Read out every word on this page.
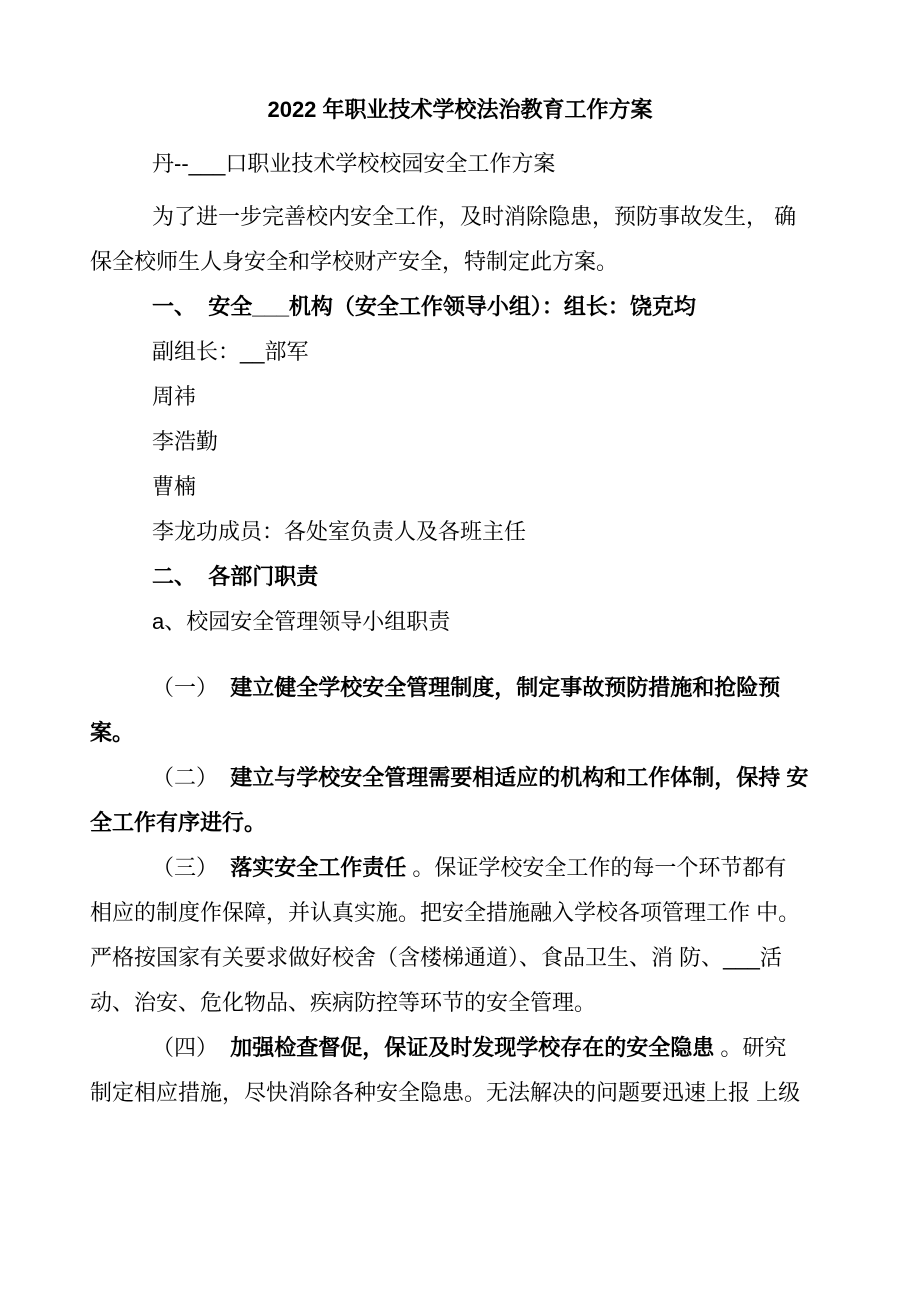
2022 年职业技术学校法治教育工作方案
丹--___口职业技术学校校园安全工作方案
为了进一步完善校内安全工作，及时消除隐患，预防事故发生， 确
保全校师生人身安全和学校财产安全，特制定此方案。
一、  安全___机构（安全工作领导小组）：组长：饶克均
副组长：__部军
周祎
李浩勤
曹楠
李龙功成员：各处室负责人及各班主任
二、  各部门职责
a、校园安全管理领导小组职责
（一）  建立健全学校安全管理制度，制定事故预防措施和抢险预
案。
（二）  建立与学校安全管理需要相适应的机构和工作体制，保持 安
全工作有序进行。
（三）  落实安全工作责任 。保证学校安全工作的每一个环节都有
相应的制度作保障，并认真实施。把安全措施融入学校各项管理工作 中。
严格按国家有关要求做好校舍（含楼梯通道）、食品卫生、消 防、___活
动、治安、危化物品、疾病防控等环节的安全管理。
（四）  加强检查督促，保证及时发现学校存在的安全隐患 。研究
制定相应措施，尽快消除各种安全隐患。无法解决的问题要迅速上报 上级
